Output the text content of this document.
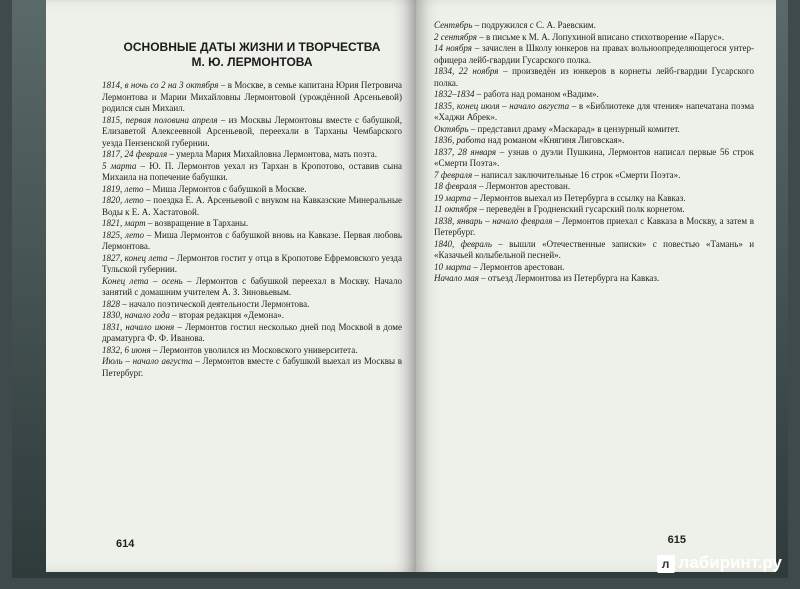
ОСНОВНЫЕ ДАТЫ ЖИЗНИ И ТВОРЧЕСТВА
М. Ю. ЛЕРМОНТОВА
1814, в ночь со 2 на 3 октября – в Москве, в семье капитана Юрия Петровича Лермонтова и Марии Михайловны Лермонтовой (урождённой Арсеньевой) родился сын Михаил.
1815, первая половина апреля – из Москвы Лермонтовы вместе с бабушкой, Елизаветой Алексеевной Арсеньевой, переехали в Тарханы Чембарского уезда Пензенской губернии.
1817, 24 февраля – умерла Мария Михайловна Лермонтова, мать поэта.
5 марта – Ю. П. Лермонтов уехал из Тархан в Кропотово, оставив сына Михаила на попечение бабушки.
1819, лето – Миша Лермонтов с бабушкой в Москве.
1820, лето – поездка Е. А. Арсеньевой с внуком на Кавказские Минеральные Воды к Е. А. Хастатовой.
1821, март – возвращение в Тарханы.
1825, лето – Миша Лермонтов с бабушкой вновь на Кавказе. Первая любовь Лермонтова.
1827, конец лета – Лермонтов гостит у отца в Кропотове Ефремовского уезда Тульской губернии.
Конец лета – осень – Лермонтов с бабушкой переехал в Москву. Начало занятий с домашним учителем А. З. Зиновьевым.
1828 – начало поэтической деятельности Лермонтова.
1830, начало года – вторая редакция «Демона».
1831, начало июня – Лермонтов гостил несколько дней под Москвой в доме драматурга Ф. Ф. Иванова.
1832, 6 июня – Лермонтов уволился из Московского университета.
Июль – начало августа – Лермонтов вместе с бабушкой выехал из Москвы в Петербург.
614
Сентябрь – подружился с С. А. Раевским.
2 сентября – в письме к М. А. Лопухиной вписано стихотворение «Парус».
14 ноября – зачислен в Школу юнкеров на правах вольноопределяющегося унтер-офицера лейб-гвардии Гусарского полка.
1834, 22 ноября – произведён из юнкеров в корнеты лейб-гвардии Гусарского полка.
1832–1834 – работа над романом «Вадим».
1835, конец июля – начало августа – в «Библиотеке для чтения» напечатана поэма «Хаджи Абрек».
Октябрь – представил драму «Маскарад» в цензурный комитет.
1836, работа над романом «Княгиня Лиговская».
1837, 28 января – узнав о дуэли Пушкина, Лермонтов написал первые 56 строк «Смерти Поэта».
7 февраля – написал заключительные 16 строк «Смерти Поэта».
18 февраля – Лермонтов арестован.
19 марта – Лермонтов выехал из Петербурга в ссылку на Кавказ.
11 октября – переведён в Гродненский гусарский полк корнетом.
1838, январь – начало февраля – Лермонтов приехал с Кавказа в Москву, а затем в Петербург.
1840, февраль – вышли «Отечественные записки» с повестью «Тамань» и «Казачьей колыбельной песней».
10 марта – Лермонтов арестован.
Начало мая – отъезд Лермонтова из Петербурга на Кавказ.
615
л лабиринт.ру
